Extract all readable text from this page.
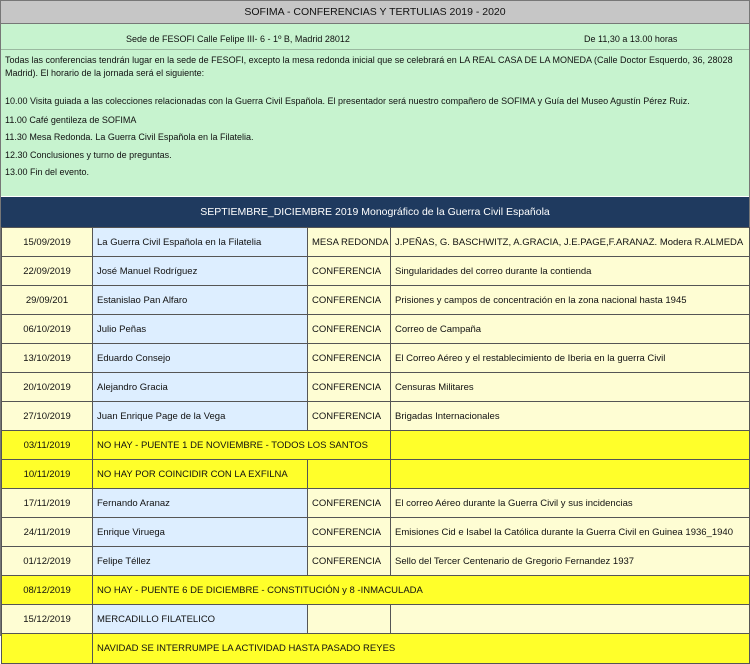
SOFIMA - CONFERENCIAS Y TERTULIAS 2019 - 2020
Sede de FESOFI Calle Felipe III- 6 - 1º B, Madrid 28012	De 11,30 a 13.00 horas
Todas las conferencias tendrán lugar en la sede de FESOFI, excepto la mesa redonda inicial que se celebrará en LA REAL CASA DE LA MONEDA (Calle Doctor Esquerdo, 36, 28028 Madrid). El horario de la jornada será el siguiente:
10.00 Visita guiada a las colecciones relacionadas con la Guerra Civil Española. El presentador será nuestro compañero de SOFIMA y Guía del Museo Agustín Pérez Ruiz.
11.00 Café gentileza de SOFIMA
11.30 Mesa Redonda. La Guerra Civil Española en la Filatelia.
12.30 Conclusiones y turno de preguntas.
13.00 Fin del evento.
SEPTIEMBRE_DICIEMBRE 2019 Monográfico de la Guerra Civil Española
15/09/2019	La Guerra Civil Española en la Filatelia	MESA REDONDA	J.PEÑAS, G. BASCHWITZ, A.GRACIA, J.E.PAGE,F.ARANAZ. Modera R.ALMEDA
22/09/2019	José Manuel Rodríguez	CONFERENCIA	Singularidades del correo durante la contienda
29/09/201	Estanislao Pan Alfaro	CONFERENCIA	Prisiones y campos de concentración en la zona nacional hasta 1945
06/10/2019	Julio Peñas	CONFERENCIA	Correo de Campaña
13/10/2019	Eduardo Consejo	CONFERENCIA	El Correo Aéreo y el restablecimiento de Iberia en la guerra Civil
20/10/2019	Alejandro Gracia	CONFERENCIA	Censuras Militares
27/10/2019	Juan Enrique Page de la Vega	CONFERENCIA	Brigadas Internacionales
03/11/2019	NO HAY - PUENTE 1 DE NOVIEMBRE - TODOS LOS SANTOS		
10/11/2019	NO HAY POR COINCIDIR CON LA EXFILNA		
17/11/2019	Fernando Aranaz	CONFERENCIA	El correo Aéreo durante la Guerra Civil y sus incidencias
24/11/2019	Enrique Viruega	CONFERENCIA	Emisiones Cid e Isabel la Católica durante la Guerra Civil en Guinea 1936_1940
01/12/2019	Felipe Téllez	CONFERENCIA	Sello del Tercer Centenario de Gregorio Fernandez 1937
08/12/2019	NO HAY - PUENTE 6 DE DICIEMBRE - CONSTITUCIÓN y 8 -INMACULADA		
15/12/2019	MERCADILLO FILATELICO		
	NAVIDAD SE INTERRUMPE LA ACTIVIDAD HASTA PASADO REYES		
